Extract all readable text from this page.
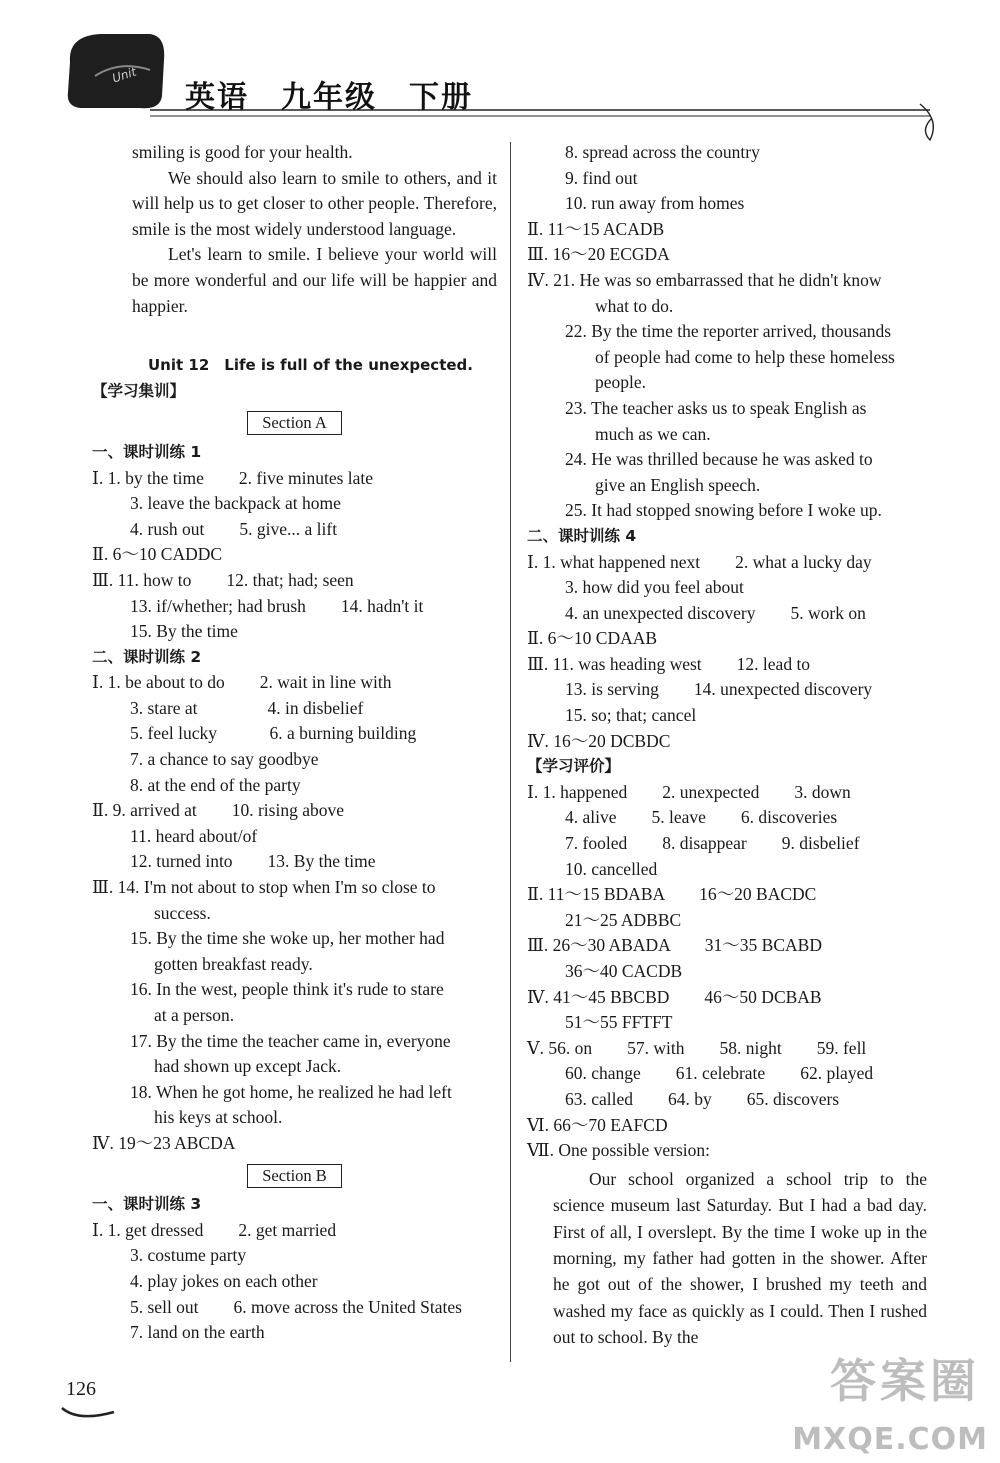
Unit
英语　九年级　下册
smiling is good for your health.
We should also learn to smile to others, and it will help us to get closer to other people. Therefore, smile is the most widely understood language.
Let's learn to smile. I believe your world will be more wonderful and our life will be happier and happier.
Unit 12　Life is full of the unexpected.
【学习集训】
Section A
一、课时训练 1
Ⅰ. 1. by the time　　2. five minutes late
3. leave the backpack at home
4. rush out　　5. give... a lift
Ⅱ. 6～10 CADDC
Ⅲ. 11. how to　　12. that; had; seen
13. if/whether; had brush　　14. hadn't it
15. By the time
二、课时训练 2
Ⅰ. 1. be about to do　　2. wait in line with
3. stare at　　　　4. in disbelief
5. feel lucky　　　6. a burning building
7. a chance to say goodbye
8. at the end of the party
Ⅱ. 9. arrived at　　10. rising above
11. heard about/of
12. turned into　　13. By the time
Ⅲ. 14. I'm not about to stop when I'm so close to
success.
15. By the time she woke up, her mother had
gotten breakfast ready.
16. In the west, people think it's rude to stare
at a person.
17. By the time the teacher came in, everyone
had shown up except Jack.
18. When he got home, he realized he had left
his keys at school.
Ⅳ. 19～23 ABCDA
Section B
一、课时训练 3
Ⅰ. 1. get dressed　　2. get married
3. costume party
4. play jokes on each other
5. sell out　　6. move across the United States
7. land on the earth
8. spread across the country
9. find out
10. run away from homes
Ⅱ. 11～15 ACADB
Ⅲ. 16～20 ECGDA
Ⅳ. 21. He was so embarrassed that he didn't know
what to do.
22. By the time the reporter arrived, thousands
of people had come to help these homeless
people.
23. The teacher asks us to speak English as
much as we can.
24. He was thrilled because he was asked to
give an English speech.
25. It had stopped snowing before I woke up.
二、课时训练 4
Ⅰ. 1. what happened next　　2. what a lucky day
3. how did you feel about
4. an unexpected discovery　　5. work on
Ⅱ. 6～10 CDAAB
Ⅲ. 11. was heading west　　12. lead to
13. is serving　　14. unexpected discovery
15. so; that; cancel
Ⅳ. 16～20 DCBDC
【学习评价】
Ⅰ. 1. happened　　2. unexpected　　3. down
4. alive　　5. leave　　6. discoveries
7. fooled　　8. disappear　　9. disbelief
10. cancelled
Ⅱ. 11～15 BDABA　　16～20 BACDC
21～25 ADBBC
Ⅲ. 26～30 ABADA　　31～35 BCABD
36～40 CACDB
Ⅳ. 41～45 BBCBD　　46～50 DCBAB
51～55 FFTFT
Ⅴ. 56. on　　57. with　　58. night　　59. fell
60. change　　61. celebrate　　62. played
63. called　　64. by　　65. discovers
Ⅵ. 66～70 EAFCD
Ⅶ. One possible version:
Our school organized a school trip to the science museum last Saturday. But I had a bad day. First of all, I overslept. By the time I woke up in the morning, my father had gotten in the shower. After he got out of the shower, I brushed my teeth and washed my face as quickly as I could. Then I rushed out to school. By the
126	答案圈
MXQE.COM
